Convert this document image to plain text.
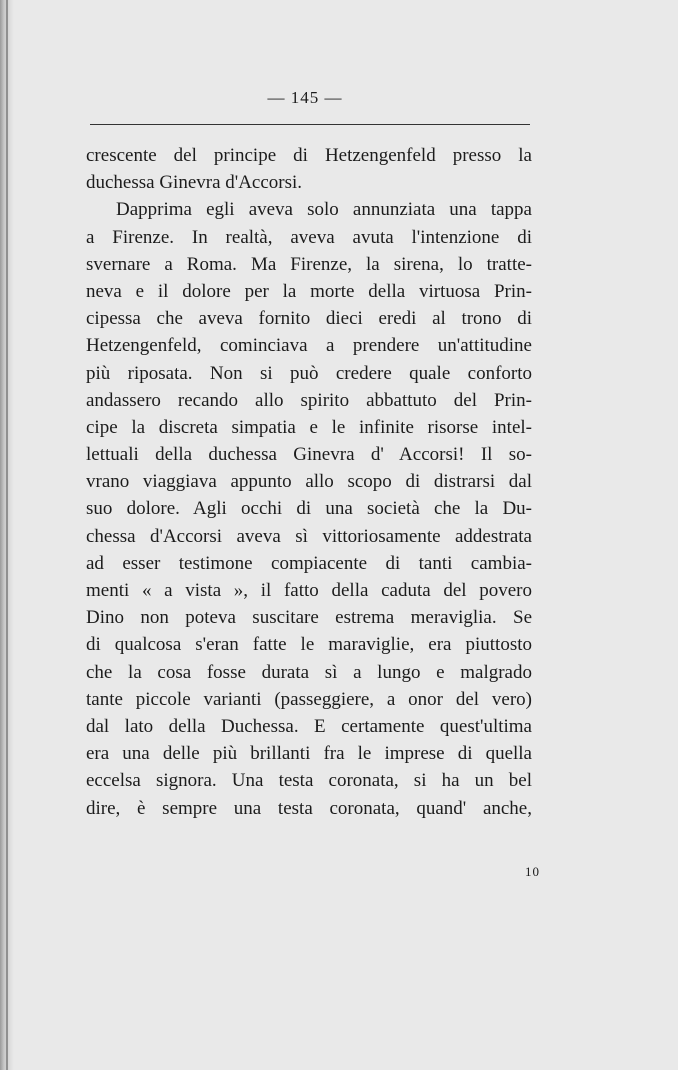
— 145 —
crescente del principe di Hetzengenfeld presso la
duchessa Ginevra d'Accorsi.
Dapprima egli aveva solo annunziata una tappa
a Firenze. In realtà, aveva avuta l'intenzione di
svernare a Roma. Ma Firenze, la sirena, lo tratte-
neva e il dolore per la morte della virtuosa Prin-
cipessa che aveva fornito dieci eredi al trono di
Hetzengenfeld, cominciava a prendere un'attitudine
più riposata. Non si può credere quale conforto
andassero recando allo spirito abbattuto del Prin-
cipe la discreta simpatia e le infinite risorse intel-
lettuali della duchessa Ginevra d' Accorsi! Il so-
vrano viaggiava appunto allo scopo di distrarsi dal
suo dolore. Agli occhi di una società che la Du-
chessa d'Accorsi aveva sì vittoriosamente addestrata
ad esser testimone compiacente di tanti cambia-
menti « a vista », il fatto della caduta del povero
Dino non poteva suscitare estrema meraviglia. Se
di qualcosa s'eran fatte le maraviglie, era piuttosto
che la cosa fosse durata sì a lungo e malgrado
tante piccole varianti (passeggiere, a onor del vero)
dal lato della Duchessa. E certamente quest'ultima
era una delle più brillanti fra le imprese di quella
eccelsa signora. Una testa coronata, si ha un bel
dire, è sempre una testa coronata, quand' anche,
10
